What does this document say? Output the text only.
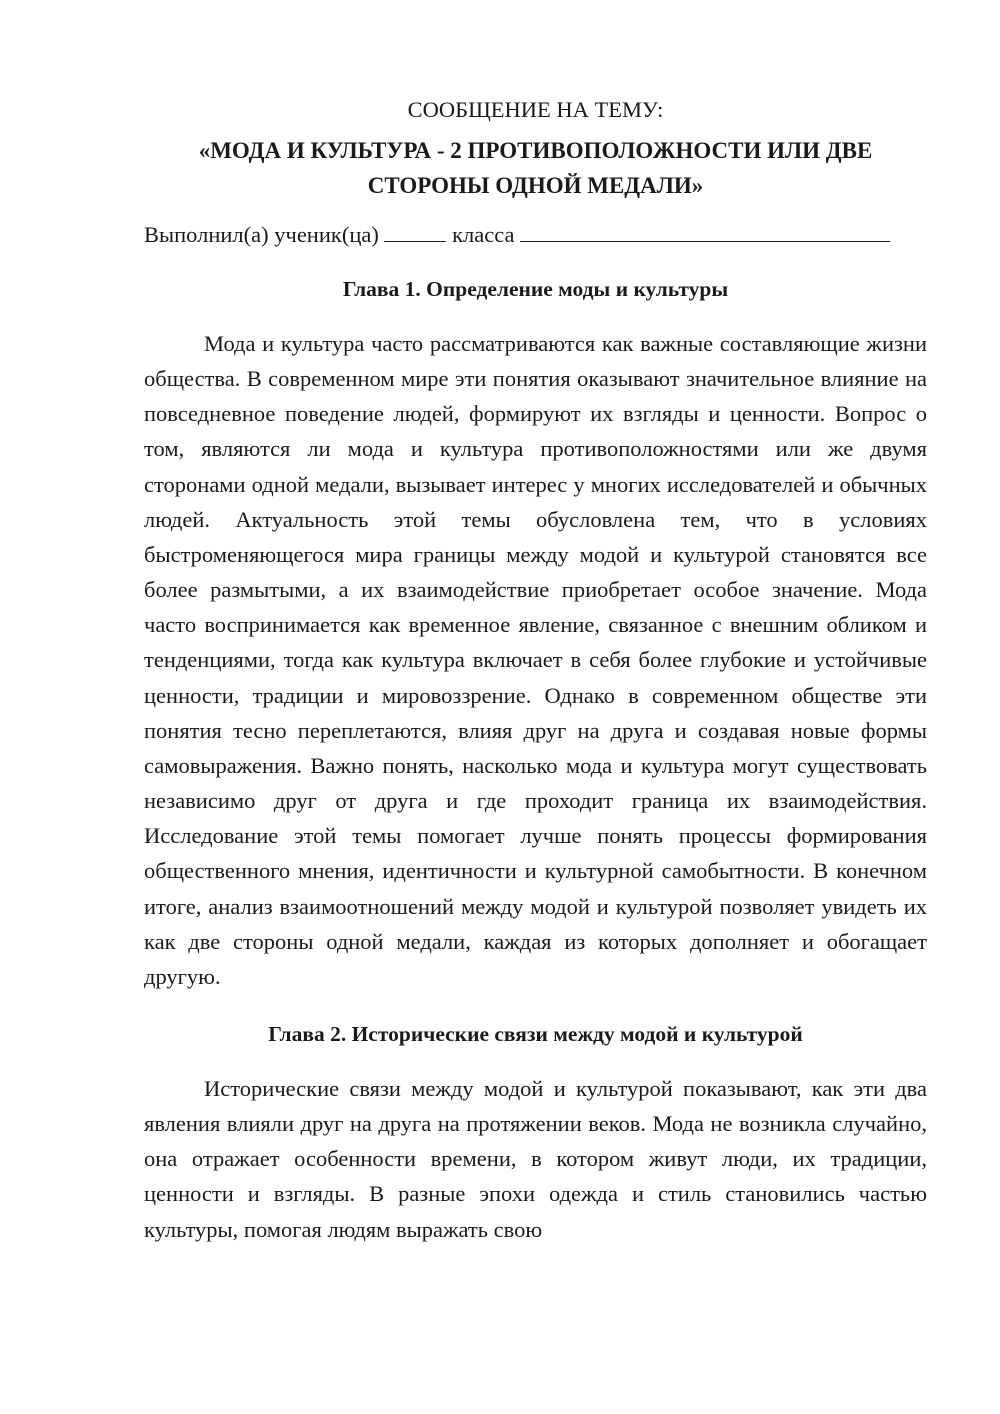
СООБЩЕНИЕ НА ТЕМУ:

«МОДА И КУЛЬТУРА - 2 ПРОТИВОПОЛОЖНОСТИ ИЛИ ДВЕ
СТОРОНЫ ОДНОЙ МЕДАЛИ»

Выполнил(а) ученик(ца)	класса

Глава 1. Определение моды и культуры

Мода и культура часто рассматриваются как важные составляющие жизни общества. В современном мире эти понятия оказывают значительное влияние на повседневное поведение людей, формируют их взгляды и ценности. Вопрос о том, являются ли мода и культура противоположностями или же двумя сторонами одной медали, вызывает интерес у многих исследователей и обычных людей. Актуальность этой темы обусловлена тем, что в условиях быстроменяющегося мира границы между модой и культурой становятся все более размытыми, а их взаимодействие приобретает особое значение. Мода часто воспринимается как временное явление, связанное с внешним обликом и тенденциями, тогда как культура включает в себя более глубокие и устойчивые ценности, традиции и мировоззрение. Однако в современном обществе эти понятия тесно переплетаются, влияя друг на друга и создавая новые формы самовыражения. Важно понять, насколько мода и культура могут существовать независимо друг от друга и где проходит граница их взаимодействия. Исследование этой темы помогает лучше понять процессы формирования общественного мнения, идентичности и культурной самобытности. В конечном итоге, анализ взаимоотношений между модой и культурой позволяет увидеть их как две стороны одной медали, каждая из которых дополняет и обогащает другую.

Глава 2. Исторические связи между модой и культурой

Исторические связи между модой и культурой показывают, как эти два явления влияли друг на друга на протяжении веков. Мода не возникла случайно, она отражает особенности времени, в котором живут люди, их традиции, ценности и взгляды. В разные эпохи одежда и стиль становились частью культуры, помогая людям выражать свою
